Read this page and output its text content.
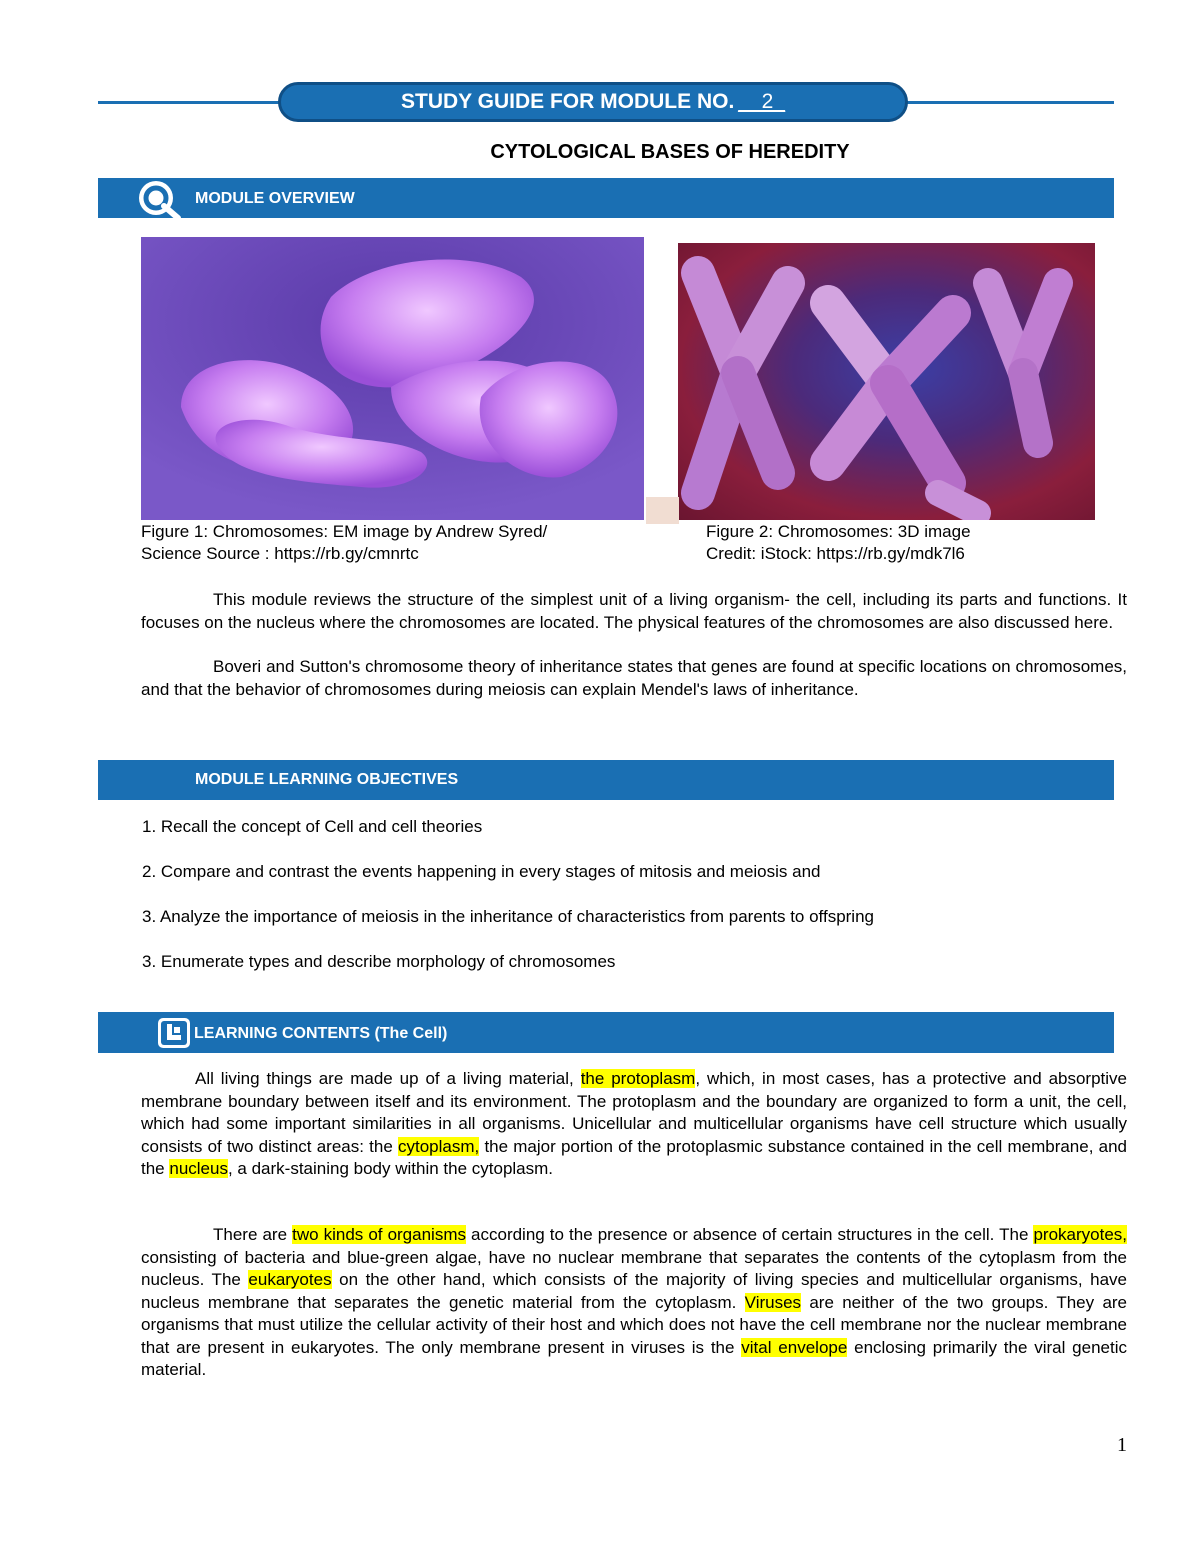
STUDY GUIDE FOR MODULE NO. __2_
CYTOLOGICAL BASES OF HEREDITY
MODULE OVERVIEW
Figure 1: Chromosomes: EM image by Andrew Syred/
Science Source : https://rb.gy/cmnrtc
Figure 2: Chromosomes: 3D image
Credit: iStock: https://rb.gy/mdk7l6
This module reviews the structure of the simplest unit of a living organism- the cell, including its parts and functions. It focuses on the nucleus where the chromosomes are located. The physical features of the chromosomes are also discussed here.
Boveri and Sutton's chromosome theory of inheritance states that genes are found at specific locations on chromosomes, and that the behavior of chromosomes during meiosis can explain Mendel's laws of inheritance.
MODULE LEARNING OBJECTIVES
1. Recall the concept of Cell and cell theories
2. Compare and contrast the events happening in every stages of mitosis and meiosis and
3. Analyze the importance of meiosis in the inheritance of characteristics from parents to offspring
3. Enumerate types and describe morphology of chromosomes
LEARNING CONTENTS (The Cell)
All living things are made up of a living material, the protoplasm, which, in most cases, has a protective and absorptive membrane boundary between itself and its environment. The protoplasm and the boundary are organized to form a unit, the cell, which had some important similarities in all organisms. Unicellular and multicellular organisms have cell structure which usually consists of two distinct areas: the cytoplasm, the major portion of the protoplasmic substance contained in the cell membrane, and the nucleus, a dark-staining body within the cytoplasm.
There are two kinds of organisms according to the presence or absence of certain structures in the cell. The prokaryotes, consisting of bacteria and blue-green algae, have no nuclear membrane that separates the contents of the cytoplasm from the nucleus. The eukaryotes on the other hand, which consists of the majority of living species and multicellular organisms, have nucleus membrane that separates the genetic material from the cytoplasm. Viruses are neither of the two groups. They are organisms that must utilize the cellular activity of their host and which does not have the cell membrane nor the nuclear membrane that are present in eukaryotes. The only membrane present in viruses is the vital envelope enclosing primarily the viral genetic material.
1
